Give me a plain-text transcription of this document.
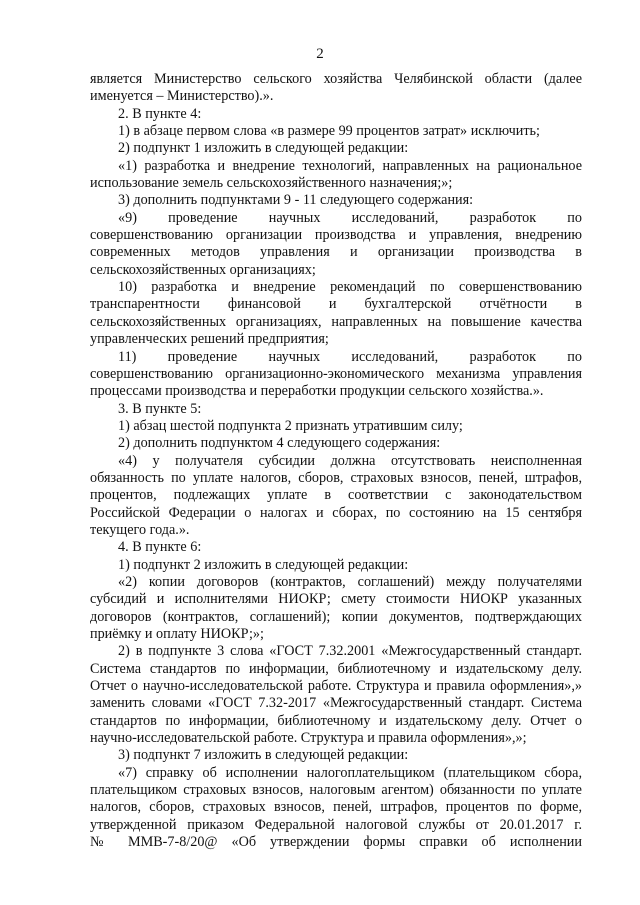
2
является Министерство сельского хозяйства Челябинской области (далее
именуется – Министерство).».
2. В пункте 4:
1) в абзаце первом слова «в размере 99 процентов затрат» исключить;
2) подпункт 1 изложить в следующей редакции:
«1) разработка и внедрение технологий, направленных на рациональное
использование земель сельскохозяйственного назначения;»;
3) дополнить подпунктами 9 - 11 следующего содержания:
«9) проведение научных исследований, разработок по
совершенствованию организации производства и управления, внедрению
современных методов управления и организации производства в
сельскохозяйственных организациях;
10) разработка и внедрение рекомендаций по совершенствованию
транспарентности финансовой и бухгалтерской отчётности в
сельскохозяйственных организациях, направленных на повышение качества
управленческих решений предприятия;
11) проведение научных исследований, разработок по
совершенствованию организационно-экономического механизма управления
процессами производства и переработки продукции сельского хозяйства.».
3. В пункте 5:
1) абзац шестой подпункта 2 признать утратившим силу;
2) дополнить подпунктом 4 следующего содержания:
«4) у получателя субсидии должна отсутствовать неисполненная
обязанность по уплате налогов, сборов, страховых взносов, пеней, штрафов,
процентов, подлежащих уплате в соответствии с законодательством
Российской Федерации о налогах и сборах, по состоянию на 15 сентября
текущего года.».
4. В пункте 6:
1) подпункт 2 изложить в следующей редакции:
«2) копии договоров (контрактов, соглашений) между получателями
субсидий и исполнителями НИОКР; смету стоимости НИОКР указанных
договоров (контрактов, соглашений); копии документов, подтверждающих
приёмку и оплату НИОКР;»;
2) в подпункте 3 слова «ГОСТ 7.32.2001 «Межгосударственный стандарт.
Система стандартов по информации, библиотечному и издательскому делу.
Отчет о научно-исследовательской работе. Структура и правила оформления»,»
заменить словами «ГОСТ 7.32-2017 «Межгосударственный стандарт. Система
стандартов по информации, библиотечному и издательскому делу. Отчет о
научно-исследовательской работе. Структура и правила оформления»,»;
3) подпункт 7 изложить в следующей редакции:
«7) справку об исполнении налогоплательщиком (плательщиком сбора,
плательщиком страховых взносов, налоговым агентом) обязанности по уплате
налогов, сборов, страховых взносов, пеней, штрафов, процентов по форме,
утвержденной приказом Федеральной налоговой службы от 20.01.2017 г.
№ ММВ-7-8/20@ «Об утверждении формы справки об исполнении
